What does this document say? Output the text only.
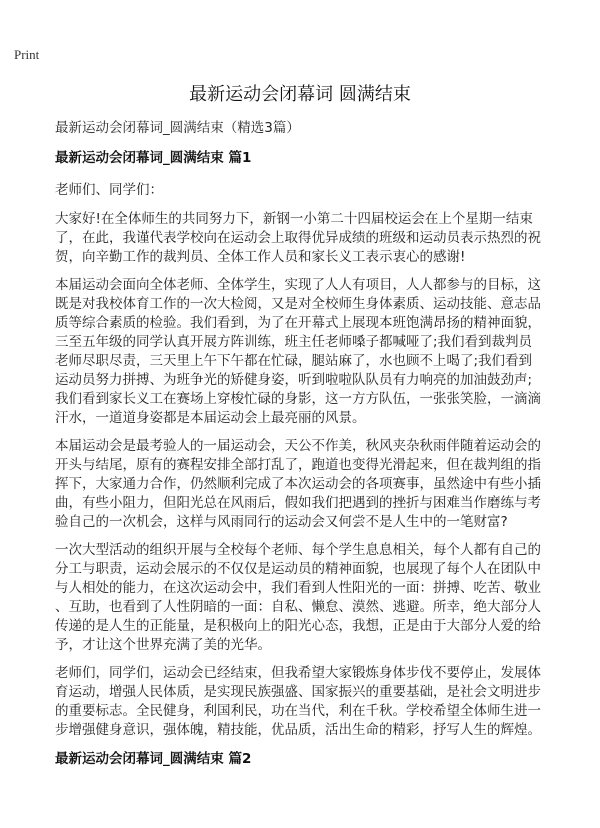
Print
最新运动会闭幕词 圆满结束
最新运动会闭幕词_圆满结束（精选3篇）
最新运动会闭幕词_圆满结束 篇1
老师们、同学们：
大家好!在全体师生的共同努力下，新钢一小第二十四届校运会在上个星期一结束
了，在此，我谨代表学校向在运动会上取得优异成绩的班级和运动员表示热烈的祝
贺，向辛勤工作的裁判员、全体工作人员和家长义工表示衷心的感谢!
本届运动会面向全体老师、全体学生，实现了人人有项目，人人都参与的目标，这
既是对我校体育工作的一次大检阅，又是对全校师生身体素质、运动技能、意志品
质等综合素质的检验。我们看到，为了在开幕式上展现本班饱满昂扬的精神面貌，
三至五年级的同学认真开展方阵训练，班主任老师嗓子都喊哑了;我们看到裁判员
老师尽职尽责，三天里上午下午都在忙碌，腿站麻了，水也顾不上喝了;我们看到
运动员努力拼搏、为班争光的矫健身姿，听到啦啦队队员有力响亮的加油鼓劲声;
我们看到家长义工在赛场上穿梭忙碌的身影，这一方方队伍，一张张笑脸，一滴滴
汗水，一道道身姿都是本届运动会上最亮丽的风景。
本届运动会是最考验人的一届运动会，天公不作美，秋风夹杂秋雨伴随着运动会的
开头与结尾，原有的赛程安排全部打乱了，跑道也变得光滑起来，但在裁判组的指
挥下，大家通力合作，仍然顺利完成了本次运动会的各项赛事，虽然途中有些小插
曲，有些小阻力，但阳光总在风雨后，假如我们把遇到的挫折与困难当作磨练与考
验自己的一次机会，这样与风雨同行的运动会又何尝不是人生中的一笔财富?
一次大型活动的组织开展与全校每个老师、每个学生息息相关，每个人都有自己的
分工与职责，运动会展示的不仅仅是运动员的精神面貌，也展现了每个人在团队中
与人相处的能力，在这次运动会中，我们看到人性阳光的一面：拼搏、吃苦、敬业
、互助，也看到了人性阴暗的一面：自私、懒怠、漠然、逃避。所幸，绝大部分人
传递的是人生的正能量，是积极向上的阳光心态，我想，正是由于大部分人爱的给
予，才让这个世界充满了美的光华。
老师们，同学们，运动会已经结束，但我希望大家锻炼身体步伐不要停止，发展体
育运动，增强人民体质，是实现民族强盛、国家振兴的重要基础，是社会文明进步
的重要标志。全民健身，利国利民，功在当代，利在千秋。学校希望全体师生进一
步增强健身意识，强体魄，精技能，优品质，活出生命的精彩，抒写人生的辉煌。
最新运动会闭幕词_圆满结束 篇2
